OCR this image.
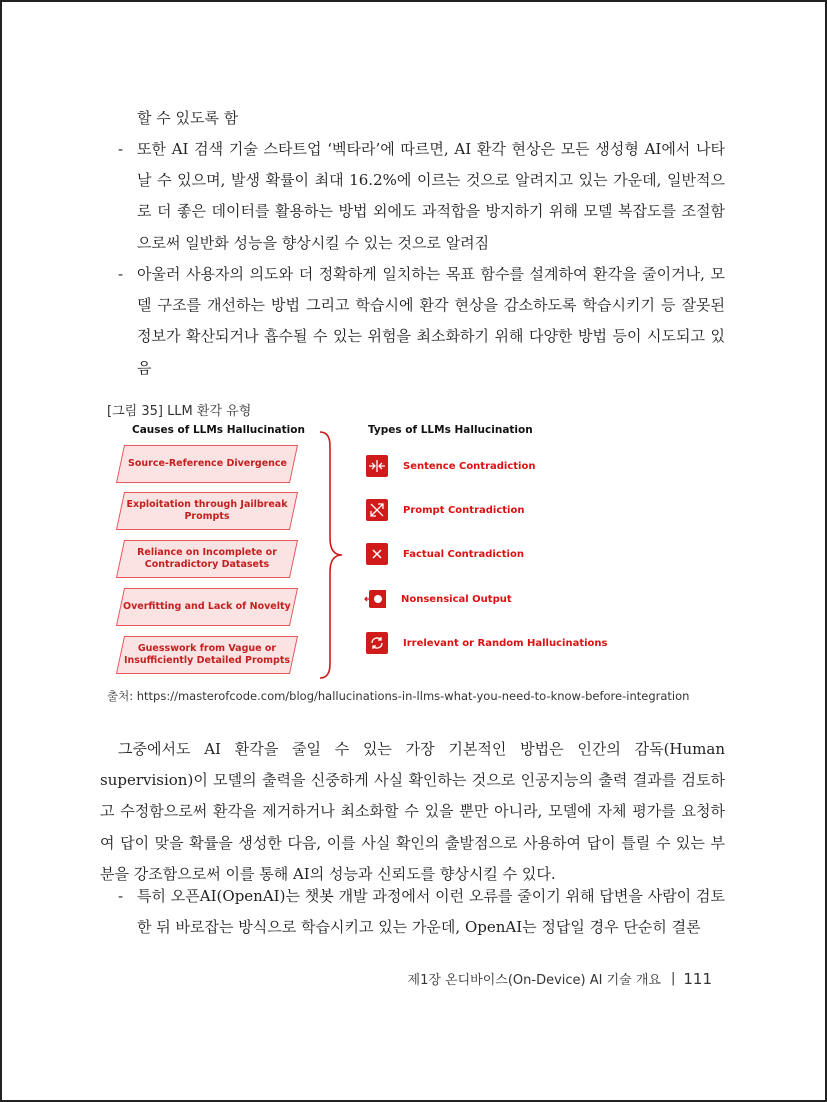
할 수 있도록 함
- 또한 AI 검색 기술 스타트업 ‘벡타라’에 따르면, AI 환각 현상은 모든 생성형 AI에서 나타날 수 있으며, 발생 확률이 최대 16.2%에 이르는 것으로 알려지고 있는 가운데, 일반적으로 더 좋은 데이터를 활용하는 방법 외에도 과적합을 방지하기 위해 모델 복잡도를 조절함으로써 일반화 성능을 향상시킬 수 있는 것으로 알려짐
- 아울러 사용자의 의도와 더 정확하게 일치하는 목표 함수를 설계하여 환각을 줄이거나, 모델 구조를 개선하는 방법 그리고 학습시에 환각 현상을 감소하도록 학습시키기 등 잘못된 정보가 확산되거나 흡수될 수 있는 위험을 최소화하기 위해 다양한 방법 등이 시도되고 있음
[그림 35] LLM 환각 유형
Causes of LLMs Hallucination	Types of LLMs Hallucination
Source-Reference Divergence
Exploitation through Jailbreak Prompts
Reliance on Incomplete or Contradictory Datasets
Overfitting and Lack of Novelty
Guesswork from Vague or Insufficiently Detailed Prompts
Sentence Contradiction
Prompt Contradiction
Factual Contradiction
Nonsensical Output
Irrelevant or Random Hallucinations
출처: https://masterofcode.com/blog/hallucinations-in-llms-what-you-need-to-know-before-integration

그중에서도 AI 환각을 줄일 수 있는 가장 기본적인 방법은 인간의 감독(Human supervision)이 모델의 출력을 신중하게 사실 확인하는 것으로 인공지능의 출력 결과를 검토하고 수정함으로써 환각을 제거하거나 최소화할 수 있을 뿐만 아니라, 모델에 자체 평가를 요청하여 답이 맞을 확률을 생성한 다음, 이를 사실 확인의 출발점으로 사용하여 답이 틀릴 수 있는 부분을 강조함으로써 이를 통해 AI의 성능과 신뢰도를 향상시킬 수 있다.

- 특히 오픈AI(OpenAI)는 챗봇 개발 과정에서 이런 오류를 줄이기 위해 답변을 사람이 검토한 뒤 바로잡는 방식으로 학습시키고 있는 가운데, OpenAI는 정답일 경우 단순히 결론
제1장 온디바이스(On-Device) AI 기술 개요 | 111
